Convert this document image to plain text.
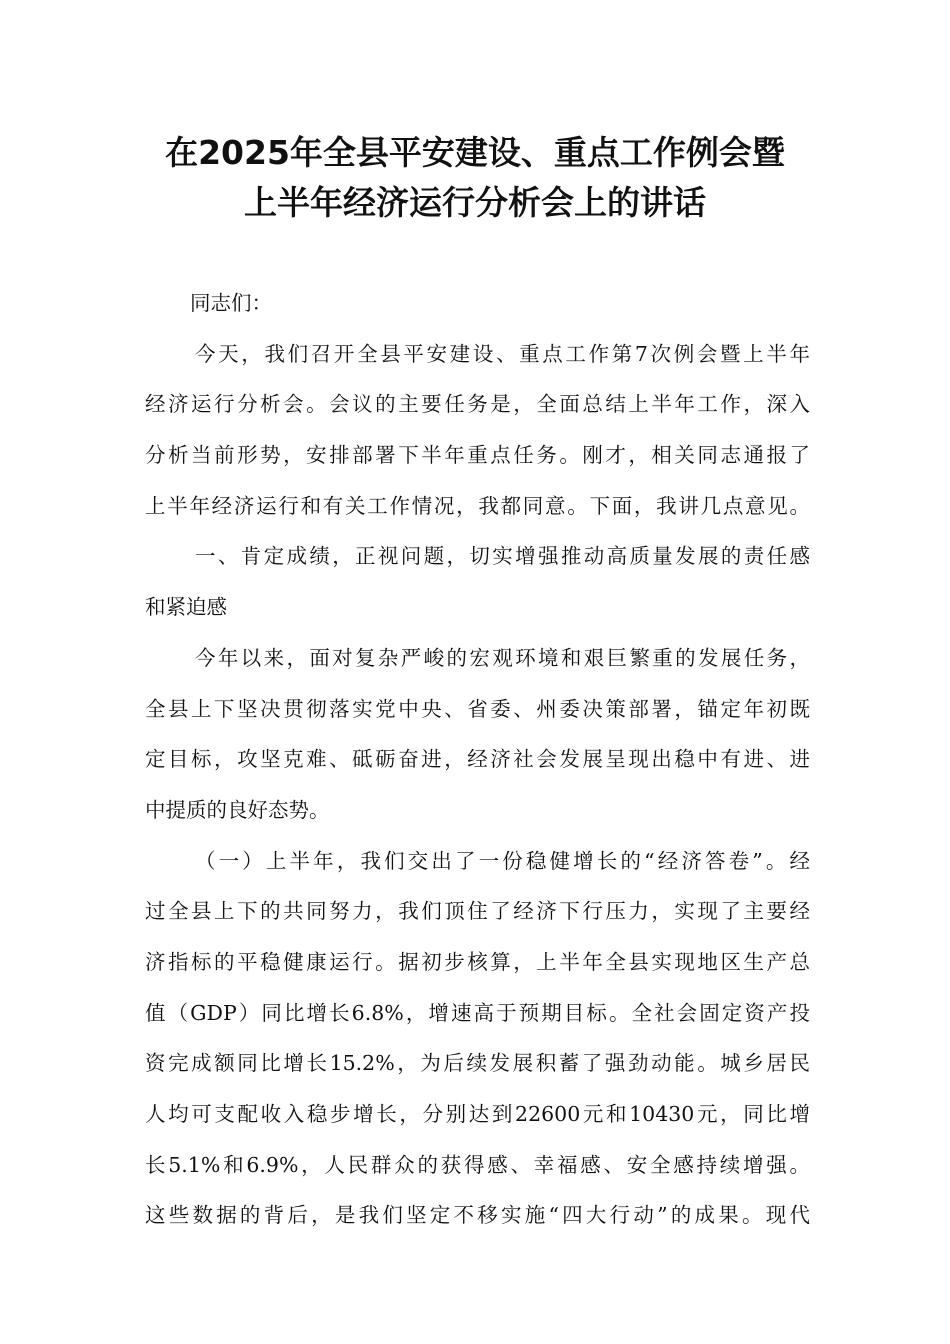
在2025年全县平安建设、重点工作例会暨
上半年经济运行分析会上的讲话
同志们：
今天，我们召开全县平安建设、重点工作第7次例会暨上半年
经济运行分析会。会议的主要任务是，全面总结上半年工作，深入
分析当前形势，安排部署下半年重点任务。刚才，相关同志通报了
上半年经济运行和有关工作情况，我都同意。下面，我讲几点意见。
一、肯定成绩，正视问题，切实增强推动高质量发展的责任感
和紧迫感
今年以来，面对复杂严峻的宏观环境和艰巨繁重的发展任务，
全县上下坚决贯彻落实党中央、省委、州委决策部署，锚定年初既
定目标，攻坚克难、砥砺奋进，经济社会发展呈现出稳中有进、进
中提质的良好态势。
（一）上半年，我们交出了一份稳健增长的“经济答卷”。经
过全县上下的共同努力，我们顶住了经济下行压力，实现了主要经
济指标的平稳健康运行。据初步核算，上半年全县实现地区生产总
值（GDP）同比增长6.8%，增速高于预期目标。全社会固定资产投
资完成额同比增长15.2%，为后续发展积蓄了强劲动能。城乡居民
人均可支配收入稳步增长，分别达到22600元和10430元，同比增
长5.1%和6.9%，人民群众的获得感、幸福感、安全感持续增强。
这些数据的背后，是我们坚定不移实施“四大行动”的成果。现代
